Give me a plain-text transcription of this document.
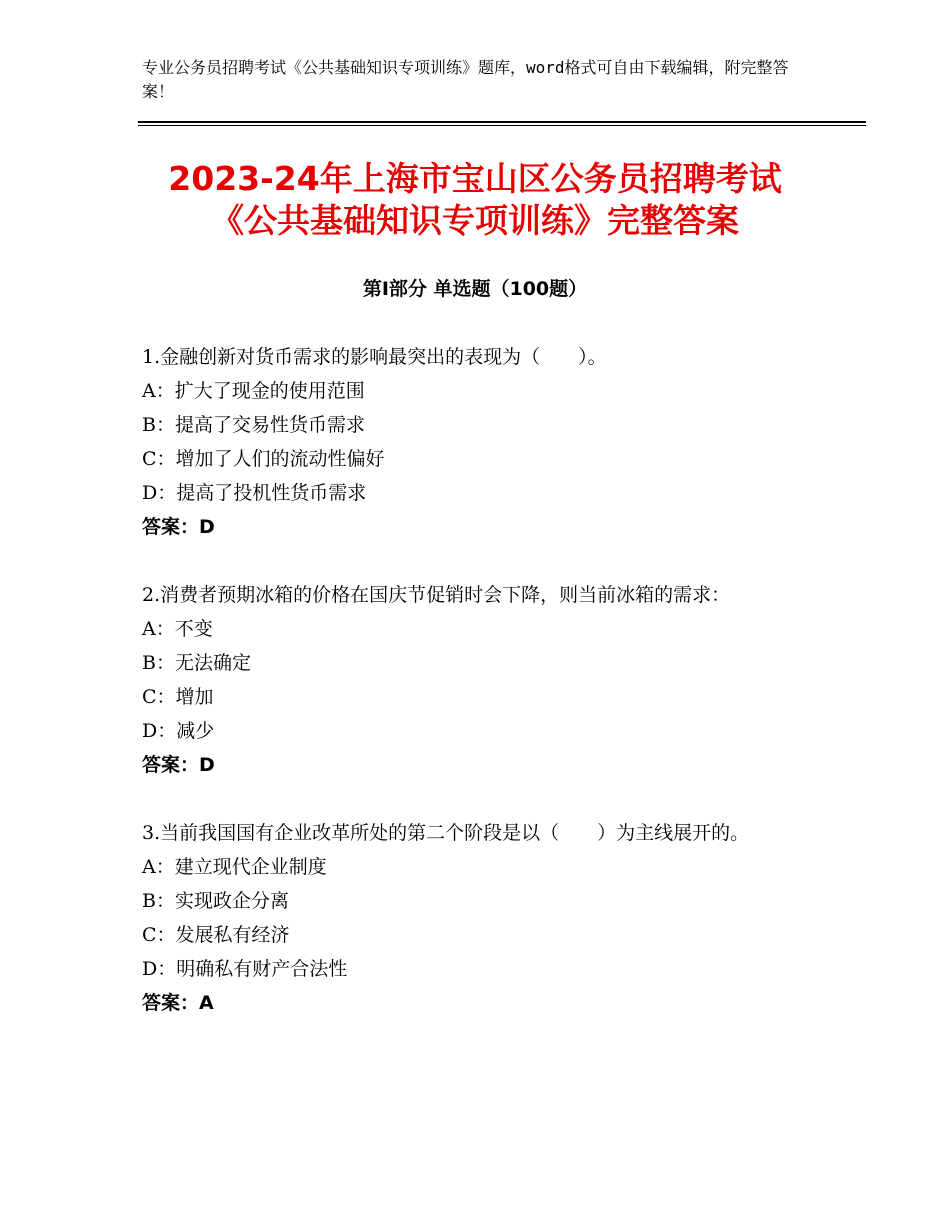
专业公务员招聘考试《公共基础知识专项训练》题库，word格式可自由下载编辑，附完整答案！
2023-24年上海市宝山区公务员招聘考试
《公共基础知识专项训练》完整答案
第Ⅰ部分 单选题（100题）

1.金融创新对货币需求的影响最突出的表现为（　　）。

A：扩大了现金的使用范围

B：提高了交易性货币需求

C：增加了人们的流动性偏好

D：提高了投机性货币需求

答案：D

2.消费者预期冰箱的价格在国庆节促销时会下降，则当前冰箱的需求：

A：不变

B：无法确定

C：增加

D：减少

答案：D

3.当前我国国有企业改革所处的第二个阶段是以（　　）为主线展开的。

A：建立现代企业制度

B：实现政企分离

C：发展私有经济

D：明确私有财产合法性

答案：A
